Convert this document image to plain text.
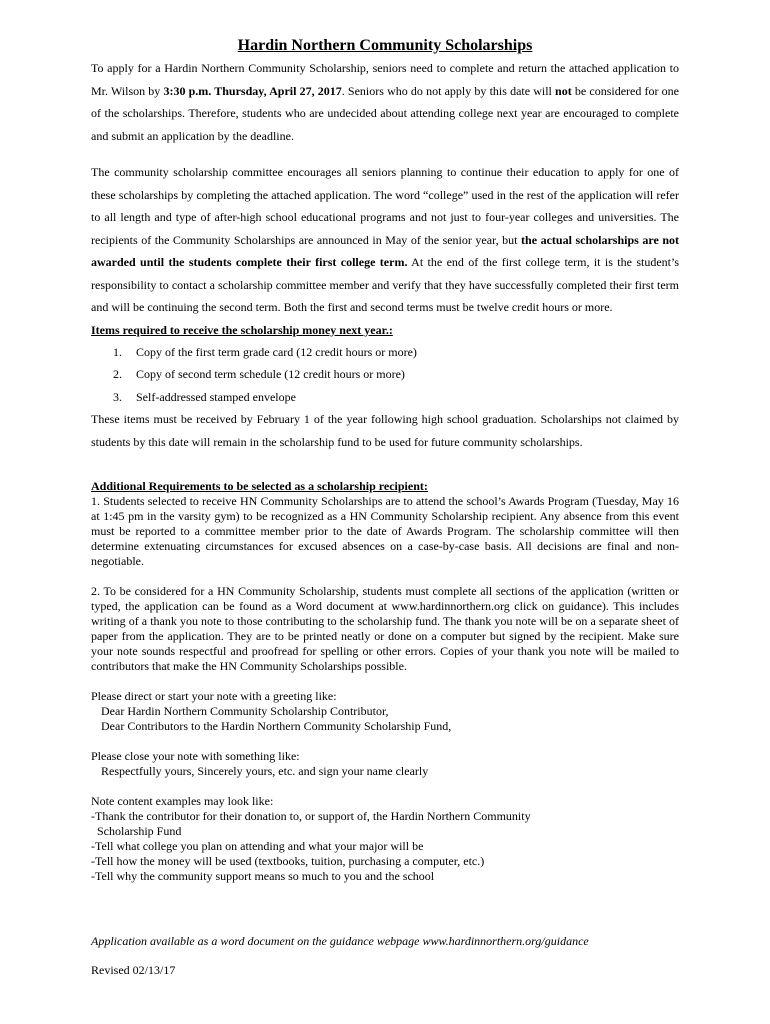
Hardin Northern Community Scholarships

To apply for a Hardin Northern Community Scholarship, seniors need to complete and return the attached application to Mr. Wilson by 3:30 p.m. Thursday, April 27, 2017. Seniors who do not apply by this date will not be considered for one of the scholarships. Therefore, students who are undecided about attending college next year are encouraged to complete and submit an application by the deadline.

The community scholarship committee encourages all seniors planning to continue their education to apply for one of these scholarships by completing the attached application. The word “college” used in the rest of the application will refer to all length and type of after-high school educational programs and not just to four-year colleges and universities. The recipients of the Community Scholarships are announced in May of the senior year, but the actual scholarships are not awarded until the students complete their first college term. At the end of the first college term, it is the student’s responsibility to contact a scholarship committee member and verify that they have successfully completed their first term and will be continuing the second term. Both the first and second terms must be twelve credit hours or more.

Items required to receive the scholarship money next year.:

1.	Copy of the first term grade card (12 credit hours or more)
2.	Copy of second term schedule (12 credit hours or more)
3.	Self-addressed stamped envelope

These items must be received by February 1 of the year following high school graduation. Scholarships not claimed by students by this date will remain in the scholarship fund to be used for future community scholarships.

Additional Requirements to be selected as a scholarship recipient:

1. Students selected to receive HN Community Scholarships are to attend the school’s Awards Program (Tuesday, May 16 at 1:45 pm in the varsity gym) to be recognized as a HN Community Scholarship recipient. Any absence from this event must be reported to a committee member prior to the date of Awards Program. The scholarship committee will then determine extenuating circumstances for excused absences on a case-by-case basis. All decisions are final and non-negotiable.

2. To be considered for a HN Community Scholarship, students must complete all sections of the application (written or typed, the application can be found as a Word document at www.hardinnorthern.org click on guidance). This includes writing of a thank you note to those contributing to the scholarship fund. The thank you note will be on a separate sheet of paper from the application. They are to be printed neatly or done on a computer but signed by the recipient. Make sure your note sounds respectful and proofread for spelling or other errors. Copies of your thank you note will be mailed to contributors that make the HN Community Scholarships possible.

Please direct or start your note with a greeting like:
Dear Hardin Northern Community Scholarship Contributor,
Dear Contributors to the Hardin Northern Community Scholarship Fund,
Please close your note with something like:
Respectfully yours, Sincerely yours, etc. and sign your name clearly
Note content examples may look like:
-Thank the contributor for their donation to, or support of, the Hardin Northern Community
Scholarship Fund
-Tell what college you plan on attending and what your major will be
-Tell how the money will be used (textbooks, tuition, purchasing a computer, etc.)
-Tell why the community support means so much to you and the school
Application available as a word document on the guidance webpage www.hardinnorthern.org/guidance
Revised 02/13/17
